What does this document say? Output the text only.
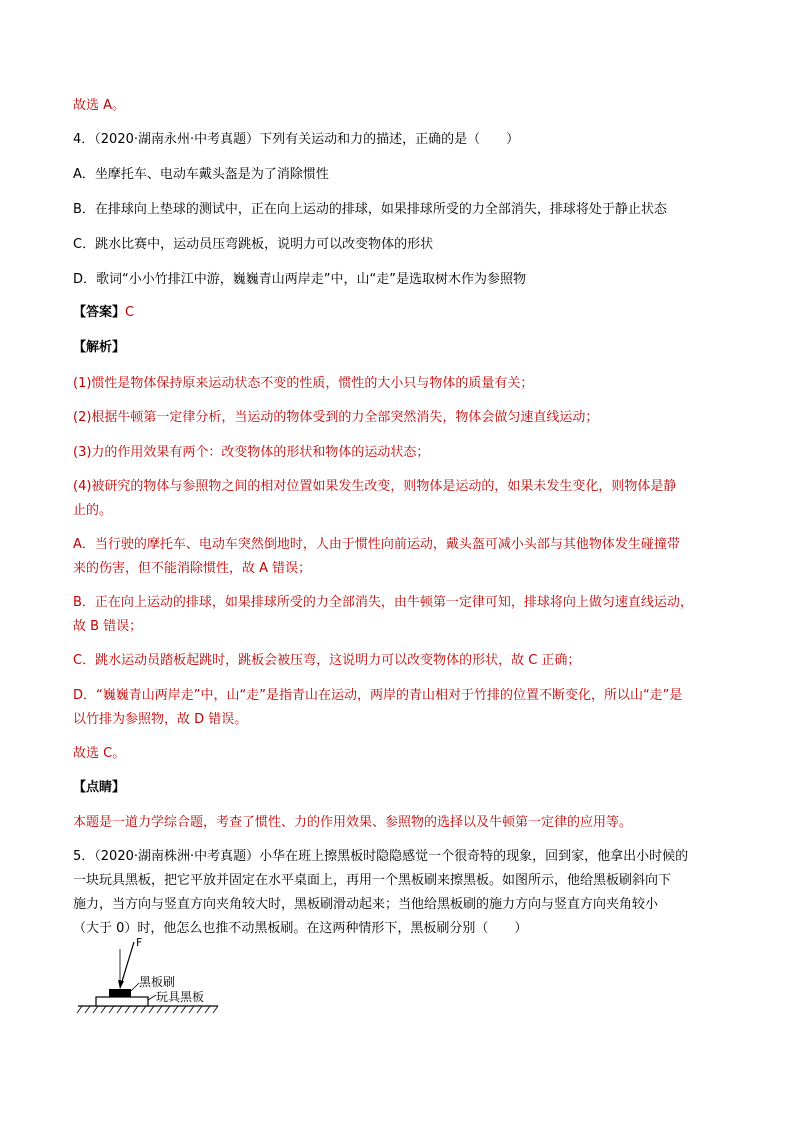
故选 A。
4．（2020·湖南永州·中考真题）下列有关运动和力的描述，正确的是（　　）
A．坐摩托车、电动车戴头盔是为了消除惯性
B．在排球向上垫球的测试中，正在向上运动的排球，如果排球所受的力全部消失，排球将处于静止状态
C．跳水比赛中，运动员压弯跳板，说明力可以改变物体的形状
D．歌词“小小竹排江中游，巍巍青山两岸走”中，山“走”是选取树木作为参照物
【答案】C
【解析】
(1)惯性是物体保持原来运动状态不变的性质，惯性的大小只与物体的质量有关；
(2)根据牛顿第一定律分析，当运动的物体受到的力全部突然消失，物体会做匀速直线运动；
(3)力的作用效果有两个：改变物体的形状和物体的运动状态；
(4)被研究的物体与参照物之间的相对位置如果发生改变，则物体是运动的，如果未发生变化，则物体是静
止的。
A．当行驶的摩托车、电动车突然倒地时，人由于惯性向前运动，戴头盔可减小头部与其他物体发生碰撞带
来的伤害，但不能消除惯性，故 A 错误；
B．正在向上运动的排球，如果排球所受的力全部消失，由牛顿第一定律可知，排球将向上做匀速直线运动，
故 B 错误；
C．跳水运动员踏板起跳时，跳板会被压弯，这说明力可以改变物体的形状，故 C 正确；
D．“巍巍青山两岸走”中，山“走”是指青山在运动，两岸的青山相对于竹排的位置不断变化，所以山“走”是
以竹排为参照物，故 D 错误。
故选 C。
【点睛】
本题是一道力学综合题，考查了惯性、力的作用效果、参照物的选择以及牛顿第一定律的应用等。
5．（2020·湖南株洲·中考真题）小华在班上擦黑板时隐隐感觉一个很奇特的现象，回到家，他拿出小时候的
一块玩具黑板，把它平放并固定在水平桌面上，再用一个黑板刷来擦黑板。如图所示，他给黑板刷斜向下
施力，当方向与竖直方向夹角较大时，黑板刷滑动起来；当他给黑板刷的施力方向与竖直方向夹角较小
（大于 0）时，他怎么也推不动黑板刷。在这两种情形下，黑板刷分别（　　）
F
黑板刷
玩具黑板
